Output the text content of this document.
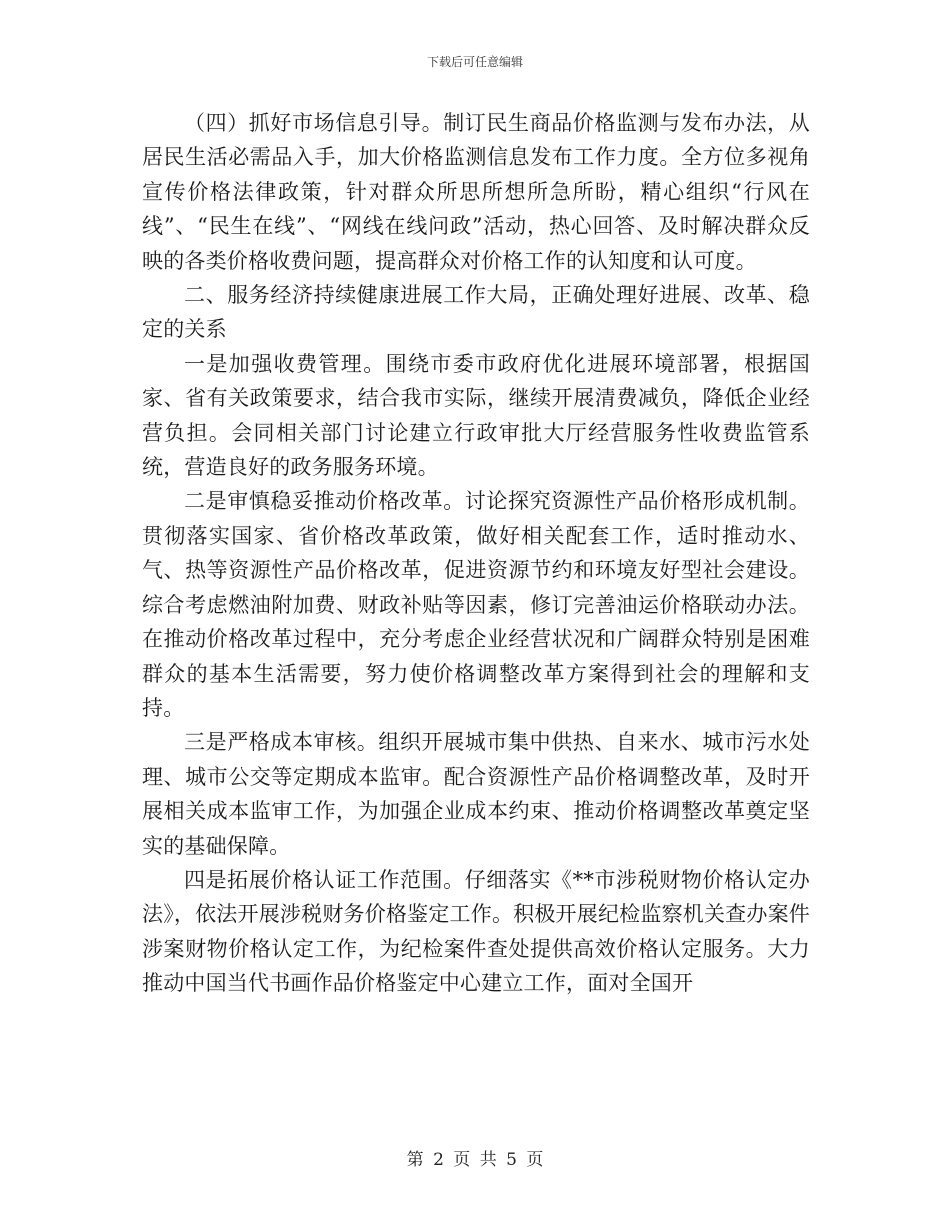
下载后可任意编辑

（四）抓好市场信息引导。制订民生商品价格监测与发布办法，从居民生活必需品入手，加大价格监测信息发布工作力度。全方位多视角宣传价格法律政策，针对群众所思所想所急所盼，精心组织“行风在线”、“民生在线”、“网线在线问政”活动，热心回答、及时解决群众反映的各类价格收费问题，提高群众对价格工作的认知度和认可度。

二、服务经济持续健康进展工作大局，正确处理好进展、改革、稳定的关系

一是加强收费管理。围绕市委市政府优化进展环境部署，根据国家、省有关政策要求，结合我市实际，继续开展清费减负，降低企业经营负担。会同相关部门讨论建立行政审批大厅经营服务性收费监管系统，营造良好的政务服务环境。

二是审慎稳妥推动价格改革。讨论探究资源性产品价格形成机制。贯彻落实国家、省价格改革政策，做好相关配套工作，适时推动水、气、热等资源性产品价格改革，促进资源节约和环境友好型社会建设。综合考虑燃油附加费、财政补贴等因素，修订完善油运价格联动办法。在推动价格改革过程中，充分考虑企业经营状况和广阔群众特别是困难群众的基本生活需要，努力使价格调整改革方案得到社会的理解和支持。

三是严格成本审核。组织开展城市集中供热、自来水、城市污水处理、城市公交等定期成本监审。配合资源性产品价格调整改革，及时开展相关成本监审工作，为加强企业成本约束、推动价格调整改革奠定坚实的基础保障。

四是拓展价格认证工作范围。仔细落实《**市涉税财物价格认定办法》，依法开展涉税财务价格鉴定工作。积极开展纪检监察机关查办案件涉案财物价格认定工作，为纪检案件查处提供高效价格认定服务。大力推动中国当代书画作品价格鉴定中心建立工作，面对全国开

第 2 页 共 5 页
